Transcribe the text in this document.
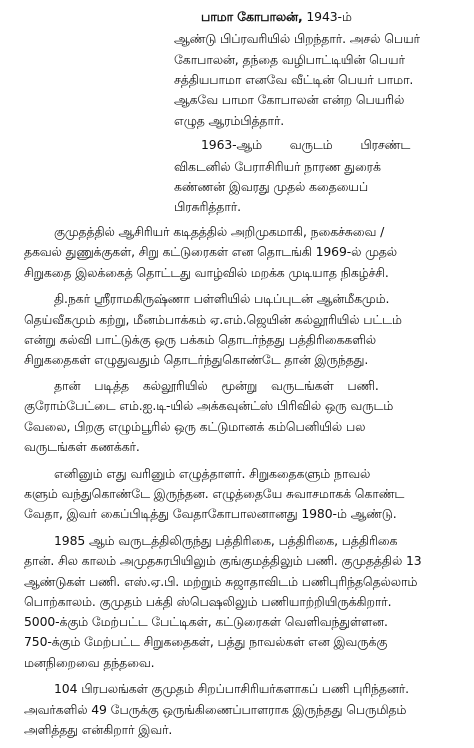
பாமா கோபாலன், 1943-ம்
ஆண்டு பிப்ரவரியில் பிறந்தார். அசல் பெயர்
கோபாலன், தந்தை வழிபாட்டியின் பெயர்
சத்தியபாமா எனவே வீட்டின் பெயர் பாமா.
ஆகவே பாமா கோபாலன் என்ற பெயரில்
எழுத ஆரம்பித்தார்.
1963-ஆம் வருடம் பிரசண்ட
விகடனில் பேராசிரியர் நாரண துரைக்
கண்ணன் இவரது முதல் கதையைப்
பிரசுரித்தார்.
குமுதத்தில் ஆசிரியர் கடிதத்தில் அறிமுகமாகி, நகைச்சுவை /
தகவல் துணுக்குகள், சிறு கட்டுரைகள் என தொடங்கி 1969-ல் முதல்
சிறுகதை இலக்கைத் தொட்டது வாழ்வில் மறக்க முடியாத நிகழ்ச்சி.
தி.நகர் ஸ்ரீராமகிருஷ்ணா பள்ளியில் படிப்புடன் ஆன்மீகமும்.
தெய்வீகமும் கற்று, மீனம்பாக்கம் ஏ.எம்.ஜெயின் கல்லூரியில் பட்டம்
என்று கல்வி பாட்டுக்கு ஒரு பக்கம் தொடர்ந்தது பத்திரிகைகளில்
சிறுகதைகள் எழுதுவதும் தொடர்ந்துகொண்டே தான் இருந்தது.
தான் படித்த கல்லூரியில் மூன்று வருடங்கள் பணி.
குரோம்பேட்டை எம்.ஐ.டி-யில் அக்கவுன்ட்ஸ் பிரிவில் ஒரு வருடம்
வேலை, பிறகு எழும்பூரில் ஒரு கட்டுமானக் கம்பெனியில் பல
வருடங்கள் கணக்கர்.
எனினும் எது வரினும் எழுத்தாளர். சிறுகதைகளும் நாவல்
களும் வந்துகொண்டே இருந்தன. எழுத்தையே சுவாசமாகக் கொண்ட
வேதா, இவர் கைப்பிடித்து வேதாகோபாலனானது 1980-ம் ஆண்டு.
1985 ஆம் வருடத்திலிருந்து பத்திரிகை, பத்திரிகை, பத்திரிகை
தான். சில காலம் அமுதசுரபியிலும் குங்குமத்திலும் பணி. குமுதத்தில் 13
ஆண்டுகள் பணி. எஸ்.ஏ.பி. மற்றும் சுஜாதாவிடம் பணிபுரிந்ததெல்லாம்
பொற்காலம். குமுதம் பக்தி ஸ்பெஷலிலும் பணியாற்றியிருக்கிறார்.
5000-க்கும் மேற்பட்ட பேட்டிகள், கட்டுரைகள் வெளிவந்துள்ளன.
750-க்கும் மேற்பட்ட சிறுகதைகள், பத்து நாவல்கள் என இவருக்கு
மனநிறைவை தந்தவை.
104 பிரபலங்கள் குமுதம் சிறப்பாசிரியர்களாகப் பணி புரிந்தனர்.
அவர்களில் 49 பேருக்கு ஒருங்கிணைப்பாளராக இருந்தது பெருமிதம்
அளித்தது என்கிறார் இவர்.
